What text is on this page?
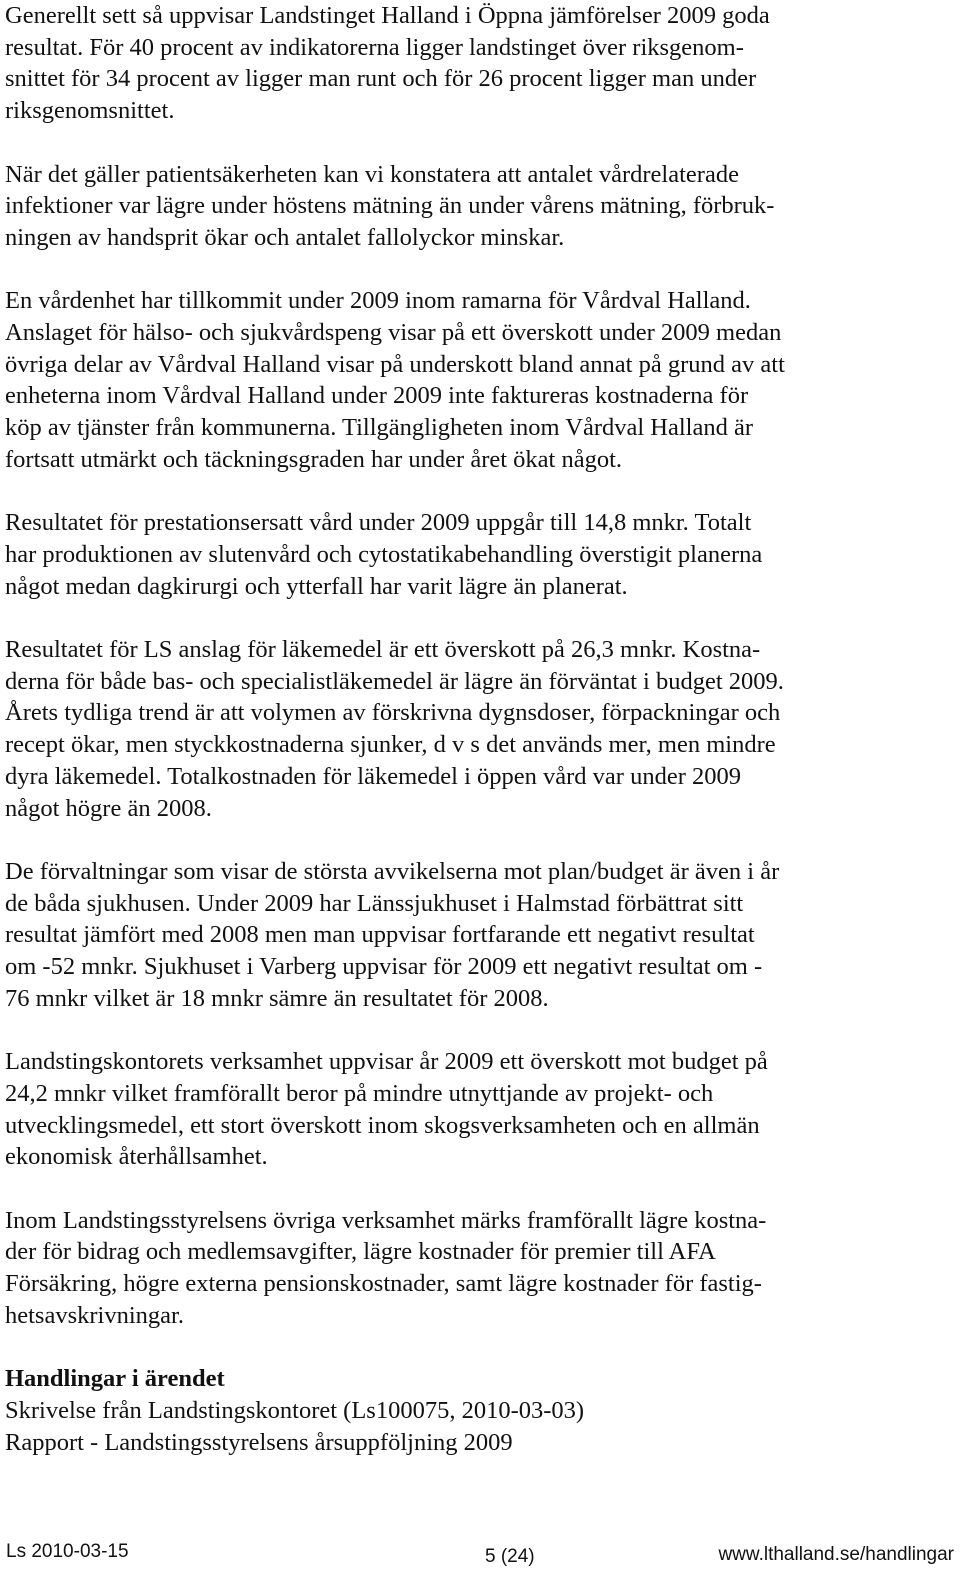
Generellt sett så uppvisar Landstinget Halland i Öppna jämförelser 2009 goda
resultat. För 40 procent av indikatorerna ligger landstinget över riksgenom-
snittet för 34 procent av ligger man runt och för 26 procent ligger man under
riksgenomsnittet.

När det gäller patientsäkerheten kan vi konstatera att antalet vårdrelaterade
infektioner var lägre under höstens mätning än under vårens mätning, förbruk-
ningen av handsprit ökar och antalet fallolyckor minskar.

En vårdenhet har tillkommit under 2009 inom ramarna för Vårdval Halland.
Anslaget för hälso- och sjukvårdspeng visar på ett överskott under 2009 medan
övriga delar av Vårdval Halland visar på underskott bland annat på grund av att
enheterna inom Vårdval Halland under 2009 inte faktureras kostnaderna för
köp av tjänster från kommunerna. Tillgängligheten inom Vårdval Halland är
fortsatt utmärkt och täckningsgraden har under året ökat något.

Resultatet för prestationsersatt vård under 2009 uppgår till 14,8 mnkr. Totalt
har produktionen av slutenvård och cytostatikabehandling överstigit planerna
något medan dagkirurgi och ytterfall har varit lägre än planerat.

Resultatet för LS anslag för läkemedel är ett överskott på 26,3 mnkr. Kostna-
derna för både bas- och specialistläkemedel är lägre än förväntat i budget 2009.
Årets tydliga trend är att volymen av förskrivna dygnsdoser, förpackningar och
recept ökar, men styckkostnaderna sjunker, d v s det används mer, men mindre
dyra läkemedel. Totalkostnaden för läkemedel i öppen vård var under 2009
något högre än 2008.

De förvaltningar som visar de största avvikelserna mot plan/budget är även i år
de båda sjukhusen. Under 2009 har Länssjukhuset i Halmstad förbättrat sitt
resultat jämfört med 2008 men man uppvisar fortfarande ett negativt resultat
om -52 mnkr. Sjukhuset i Varberg uppvisar för 2009 ett negativt resultat om -
76 mnkr vilket är 18 mnkr sämre än resultatet för 2008.

Landstingskontorets verksamhet uppvisar år 2009 ett överskott mot budget på
24,2 mnkr vilket framförallt beror på mindre utnyttjande av projekt- och
utvecklingsmedel, ett stort överskott inom skogsverksamheten och en allmän
ekonomisk återhållsamhet.

Inom Landstingsstyrelsens övriga verksamhet märks framförallt lägre kostna-
der för bidrag och medlemsavgifter, lägre kostnader för premier till AFA
Försäkring, högre externa pensionskostnader, samt lägre kostnader för fastig-
hetsavskrivningar.

Handlingar i ärendet
Skrivelse från Landstingskontoret (Ls100075, 2010-03-03)
Rapport - Landstingsstyrelsens årsuppföljning 2009
Ls 2010-03-15	5 (24)	www.lthalland.se/handlingar
